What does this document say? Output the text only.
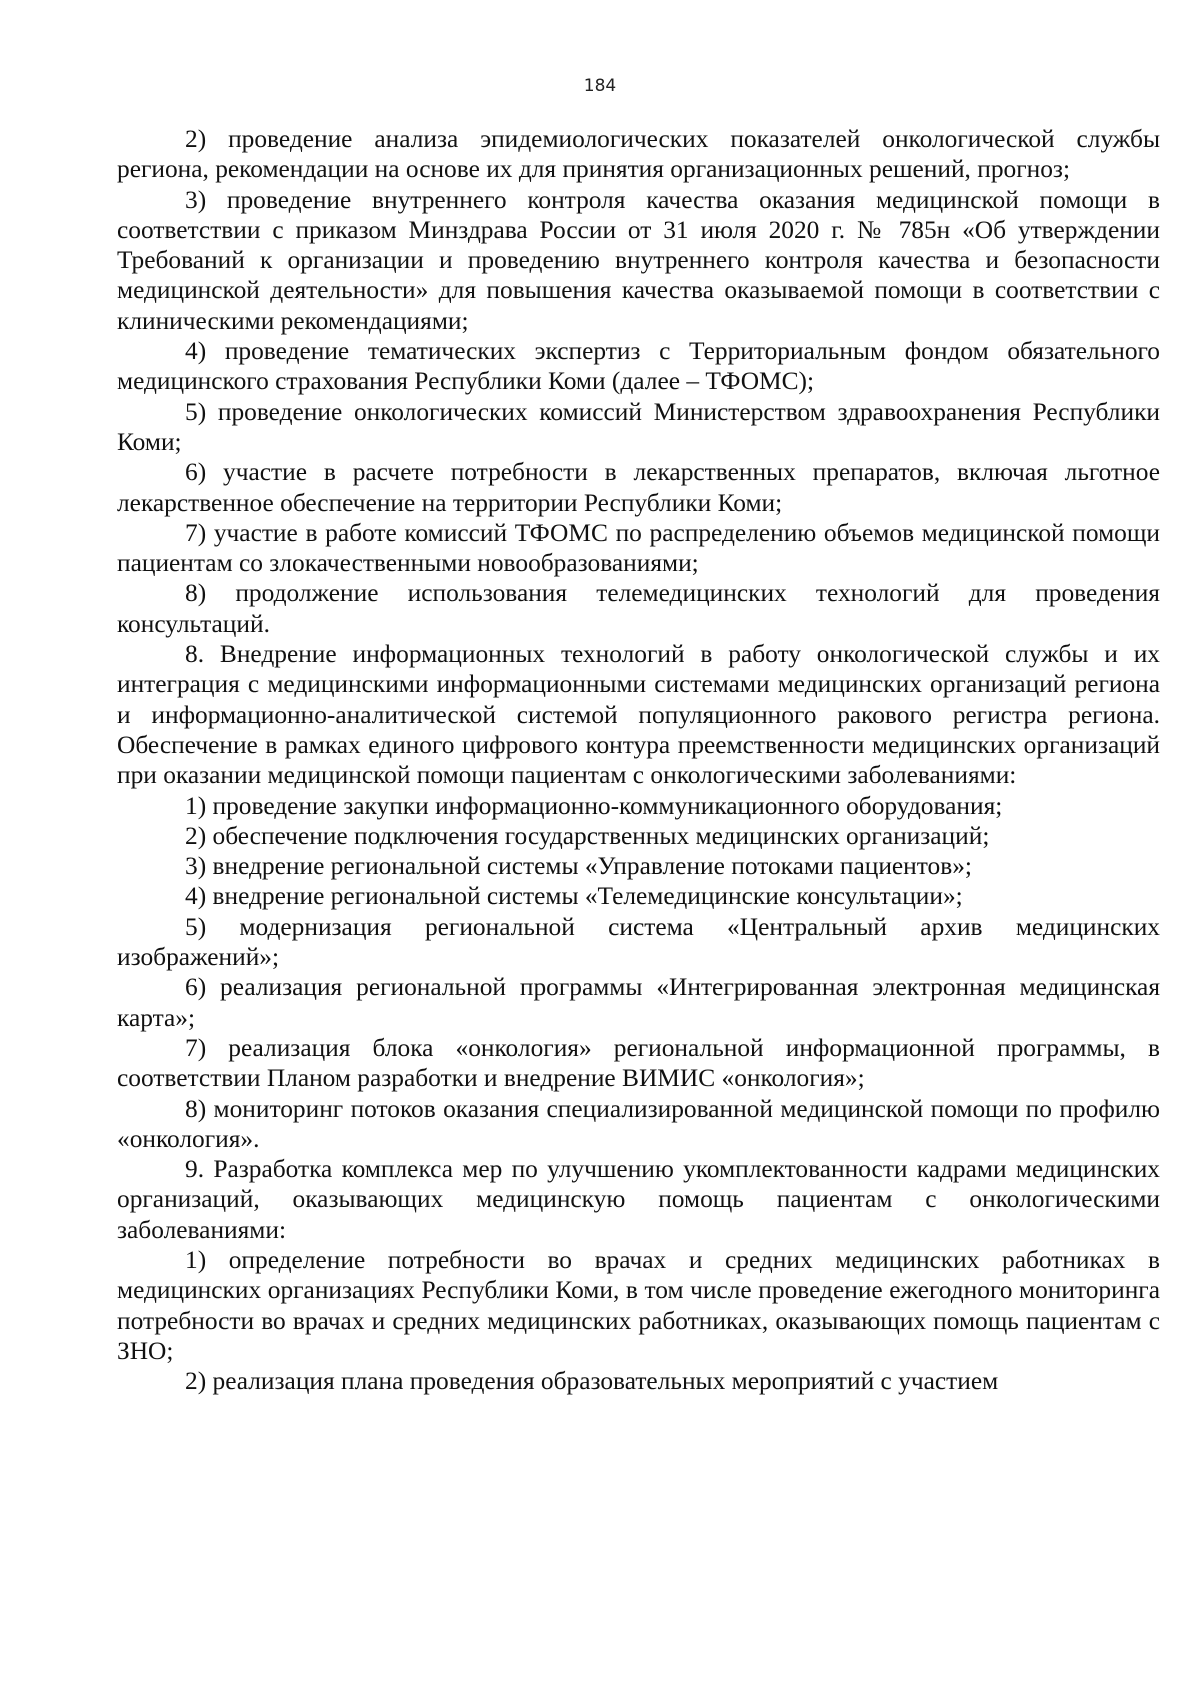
184

2) проведение анализа эпидемиологических показателей онкологической службы региона, рекомендации на основе их для принятия организационных решений, прогноз;

3) проведение внутреннего контроля качества оказания медицинской помощи в соответствии с приказом Минздрава России от 31 июля 2020 г. № 785н «Об утверждении Требований к организации и проведению внутреннего контроля качества и безопасности медицинской деятельности» для повышения качества оказываемой помощи в соответствии с клиническими рекомендациями;

4) проведение тематических экспертиз с Территориальным фондом обязательного медицинского страхования Республики Коми (далее – ТФОМС);

5) проведение онкологических комиссий Министерством здравоохранения Республики Коми;

6) участие в расчете потребности в лекарственных препаратов, включая льготное лекарственное обеспечение на территории Республики Коми;

7) участие в работе комиссий ТФОМС по распределению объемов медицинской помощи пациентам со злокачественными новообразованиями;

8) продолжение использования телемедицинских технологий для проведения консультаций.

8. Внедрение информационных технологий в работу онкологической службы и их интеграция с медицинскими информационными системами медицинских организаций региона и информационно-аналитической системой популяционного ракового регистра региона. Обеспечение в рамках единого цифрового контура преемственности медицинских организаций при оказании медицинской помощи пациентам с онкологическими заболеваниями:

1) проведение закупки информационно-коммуникационного оборудования;

2) обеспечение подключения государственных медицинских организаций;

3) внедрение региональной системы «Управление потоками пациентов»;

4) внедрение региональной системы «Телемедицинские консультации»;

5) модернизация региональной система «Центральный архив медицинских изображений»;

6) реализация региональной программы «Интегрированная электронная медицинская карта»;

7) реализация блока «онкология» региональной информационной программы, в соответствии Планом разработки и внедрение ВИМИС «онкология»;

8) мониторинг потоков оказания специализированной медицинской помощи по профилю «онкология».

9. Разработка комплекса мер по улучшению укомплектованности кадрами медицинских организаций, оказывающих медицинскую помощь пациентам с онкологическими заболеваниями:

1) определение потребности во врачах и средних медицинских работниках в медицинских организациях Республики Коми, в том числе проведение ежегодного мониторинга потребности во врачах и средних медицинских работниках, оказывающих помощь пациентам с ЗНО;

2) реализация плана проведения образовательных мероприятий с участием
